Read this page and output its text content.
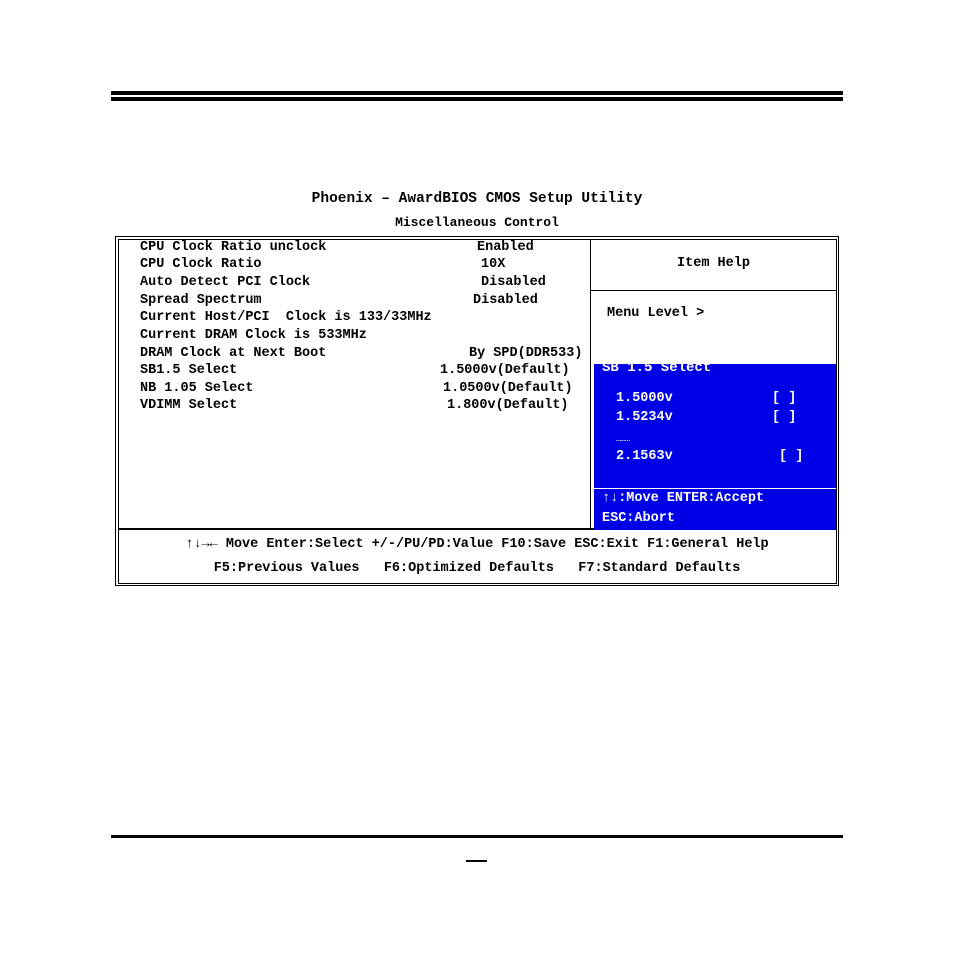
Phoenix – AwardBIOS CMOS Setup Utility
Miscellaneous Control
CPU Clock Ratio unclock	Enabled
CPU Clock Ratio	10X
Auto Detect PCI Clock	Disabled
Spread Spectrum	Disabled
Current Host/PCI  Clock is 133/33MHz
Current DRAM Clock is 533MHz
DRAM Clock at Next Boot	By SPD(DDR533)
SB1.5 Select	1.5000v(Default)
NB 1.05 Select	1.0500v(Default)
VDIMM Select	1.800v(Default)
Item Help
Menu Level >
SB 1.5 Select
1.5000v	[ ]
1.5234v	[ ]
………
2.1563v	[ ]
↑↓:Move ENTER:Accept
ESC:Abort
↑↓→← Move Enter:Select +/-/PU/PD:Value F10:Save ESC:Exit F1:General Help
F5:Previous Values   F6:Optimized Defaults   F7:Standard Defaults
